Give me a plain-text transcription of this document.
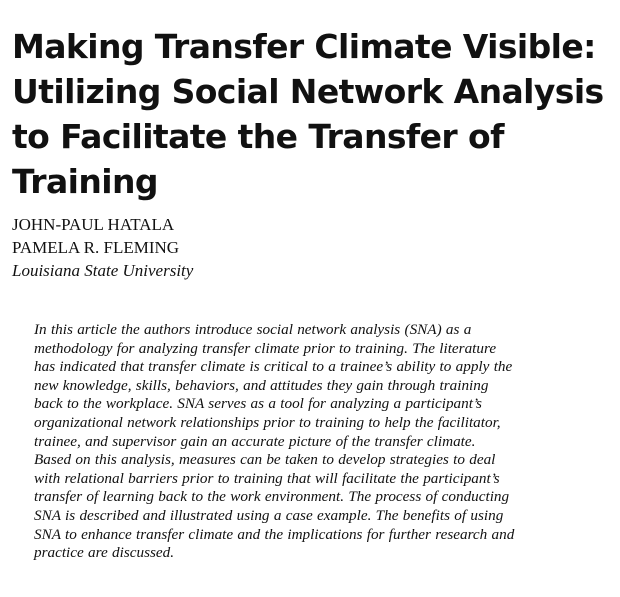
Making Transfer Climate Visible:
Utilizing Social Network Analysis
to Facilitate the Transfer of
Training
JOHN-PAUL HATALA
PAMELA R. FLEMING
Louisiana State University

In this article the authors introduce social network analysis (SNA) as a
methodology for analyzing transfer climate prior to training. The literature
has indicated that transfer climate is critical to a trainee’s ability to apply the
new knowledge, skills, behaviors, and attitudes they gain through training
back to the workplace. SNA serves as a tool for analyzing a participant’s
organizational network relationships prior to training to help the facilitator,
trainee, and supervisor gain an accurate picture of the transfer climate.
Based on this analysis, measures can be taken to develop strategies to deal
with relational barriers prior to training that will facilitate the participant’s
transfer of learning back to the work environment. The process of conducting
SNA is described and illustrated using a case example. The benefits of using
SNA to enhance transfer climate and the implications for further research and
practice are discussed.
